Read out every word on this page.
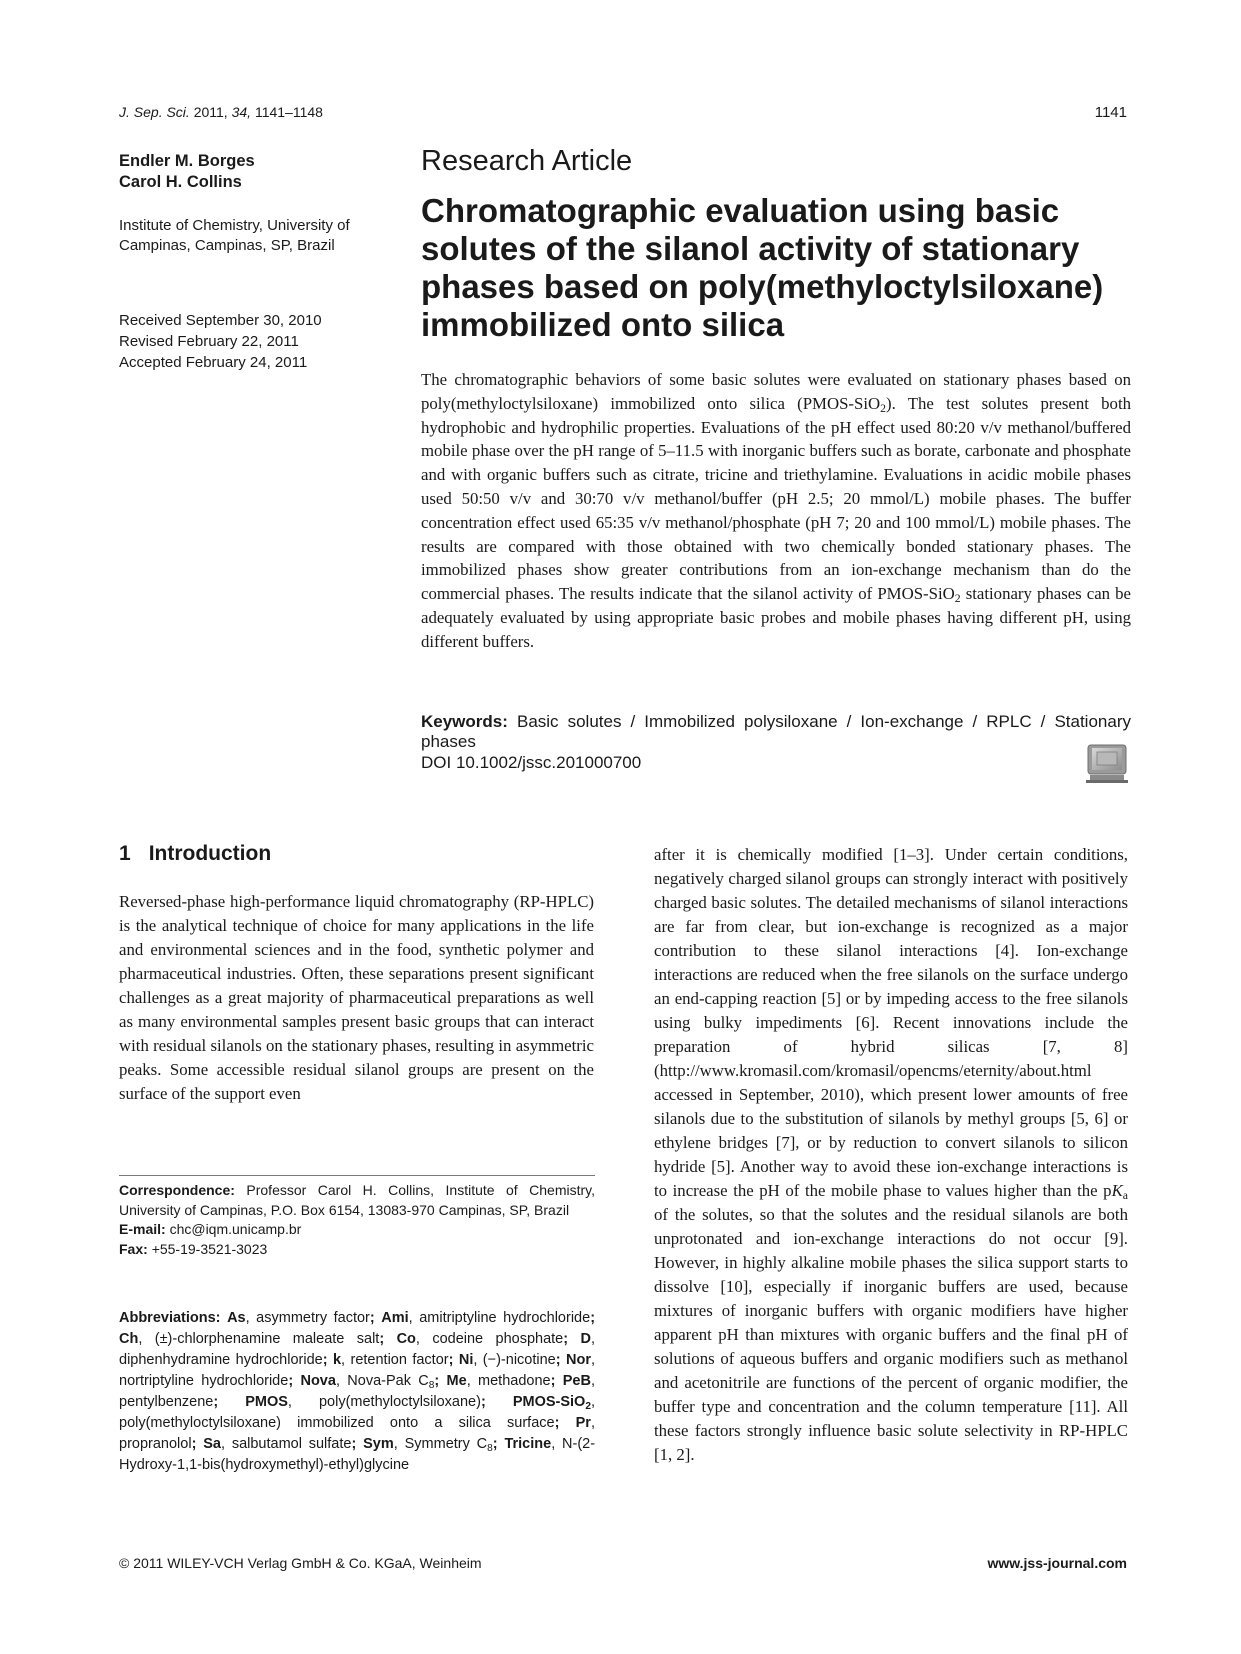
J. Sep. Sci. 2011, 34, 1141–1148	1141
Endler M. Borges
Carol H. Collins
Institute of Chemistry, University of Campinas, Campinas, SP, Brazil
Received September 30, 2010
Revised February 22, 2011
Accepted February 24, 2011
Research Article
Chromatographic evaluation using basic solutes of the silanol activity of stationary phases based on poly(methyloctylsiloxane) immobilized onto silica

The chromatographic behaviors of some basic solutes were evaluated on stationary phases based on poly(methyloctylsiloxane) immobilized onto silica (PMOS-SiO$_2$). The test solutes present both hydrophobic and hydrophilic properties. Evaluations of the pH effect used 80:20 v/v methanol/buffered mobile phase over the pH range of 5–11.5 with inorganic buffers such as borate, carbonate and phosphate and with organic buffers such as citrate, tricine and triethylamine. Evaluations in acidic mobile phases used 50:50 v/v and 30:70 v/v methanol/buffer (pH 2.5; 20 mmol/L) mobile phases. The buffer concentration effect used 65:35 v/v methanol/phosphate (pH 7; 20 and 100 mmol/L) mobile phases. The results are compared with those obtained with two chemically bonded stationary phases. The immobilized phases show greater contributions from an ion-exchange mechanism than do the commercial phases. The results indicate that the silanol activity of PMOS-SiO$_2$ stationary phases can be adequately evaluated by using appropriate basic probes and mobile phases having different pH, using different buffers.

Keywords: Basic solutes / Immobilized polysiloxane / Ion-exchange / RPLC / Stationary phases
DOI 10.1002/jssc.201000700
1 Introduction

Reversed-phase high-performance liquid chromatography (RP-HPLC) is the analytical technique of choice for many applications in the life and environmental sciences and in the food, synthetic polymer and pharmaceutical industries. Often, these separations present significant challenges as a great majority of pharmaceutical preparations as well as many environmental samples present basic groups that can interact with residual silanols on the stationary phases, resulting in asymmetric peaks. Some accessible residual silanol groups are present on the surface of the support even

after it is chemically modified [1–3]. Under certain conditions, negatively charged silanol groups can strongly interact with positively charged basic solutes. The detailed mechanisms of silanol interactions are far from clear, but ion-exchange is recognized as a major contribution to these silanol interactions [4]. Ion-exchange interactions are reduced when the free silanols on the surface undergo an end-capping reaction [5] or by impeding access to the free silanols using bulky impediments [6]. Recent innovations include the preparation of hybrid silicas [7, 8] (http://www.kromasil.com/kromasil/opencms/eternity/about.html accessed in September, 2010), which present lower amounts of free silanols due to the substitution of silanols by methyl groups [5, 6] or ethylene bridges [7], or by reduction to convert silanols to silicon hydride [5]. Another way to avoid these ion-exchange interactions is to increase the pH of the mobile phase to values higher than the $pK_a$ of the solutes, so that the solutes and the residual silanols are both unprotonated and ion-exchange interactions do not occur [9]. However, in highly alkaline mobile phases the silica support starts to dissolve [10], especially if inorganic buffers are used, because mixtures of inorganic buffers with organic modifiers have higher apparent pH than mixtures with organic buffers and the final pH of solutions of aqueous buffers and organic modifiers such as methanol and acetonitrile are functions of the percent of organic modifier, the buffer type and concentration and the column temperature [11]. All these factors strongly influence basic solute selectivity in RP-HPLC [1, 2].

Correspondence: Professor Carol H. Collins, Institute of Chemistry, University of Campinas, P.O. Box 6154, 13083-970 Campinas, SP, Brazil

E-mail: chc@iqm.unicamp.br

Fax: +55-19-3521-3023

Abbreviations: As, asymmetry factor; Ami, amitriptyline hydrochloride; Ch, (±)-chlorphenamine maleate salt; Co, codeine phosphate; D, diphenhydramine hydrochloride; k, retention factor; Ni, (−)-nicotine; Nor, nortriptyline hydrochloride; Nova, Nova-Pak $C_8$; Me, methadone; PeB, pentylbenzene; PMOS, poly(methyloctylsiloxane); PMOS-SiO$_2$, poly(methyloctylsiloxane) immobilized onto a silica surface; Pr, propranolol; Sa, salbutamol sulfate; Sym, Symmetry $C_8$; Tricine, N-(2-Hydroxy-1,1-bis(hydroxymethyl)-ethyl)glycine

© 2011 WILEY-VCH Verlag GmbH & Co. KGaA, Weinheim	www.jss-journal.com
